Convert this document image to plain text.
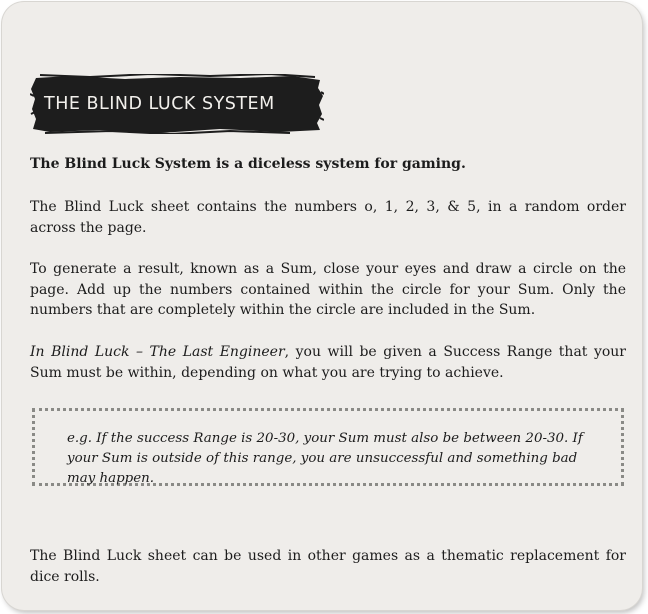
THE BLIND LUCK SYSTEM

The Blind Luck System is a diceless system for gaming.

The Blind Luck sheet contains the numbers o, 1, 2, 3, & 5, in a random order across the page.

To generate a result, known as a Sum, close your eyes and draw a circle on the page. Add up the numbers contained within the circle for your Sum. Only the numbers that are completely within the circle are included in the Sum.

In Blind Luck – The Last Engineer, you will be given a Success Range that your Sum must be within, depending on what you are trying to achieve.

e.g. If the success Range is 20-30, your Sum must also be between 20-30. If your Sum is outside of this range, you are unsuccessful and something bad may happen.

The Blind Luck sheet can be used in other games as a thematic replacement for dice rolls.
